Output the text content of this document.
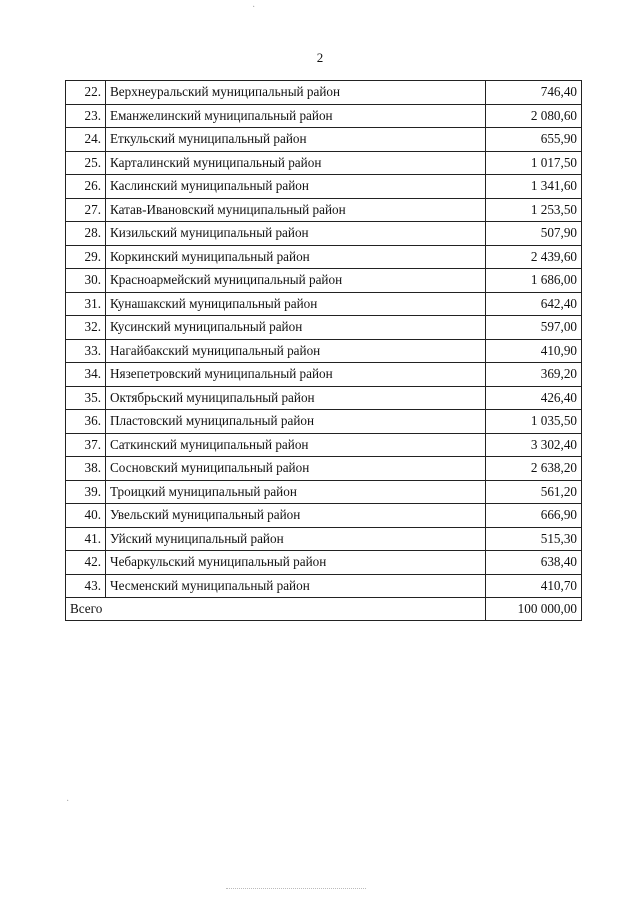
2
22.	Верхнеуральский муниципальный район	746,40
23.	Еманжелинский муниципальный район	2 080,60
24.	Еткульский муниципальный район	655,90
25.	Карталинский муниципальный район	1 017,50
26.	Каслинский муниципальный район	1 341,60
27.	Катав-Ивановский муниципальный район	1 253,50
28.	Кизильский муниципальный район	507,90
29.	Коркинский муниципальный район	2 439,60
30.	Красноармейский муниципальный район	1 686,00
31.	Кунашакский муниципальный район	642,40
32.	Кусинский муниципальный район	597,00
33.	Нагайбакский муниципальный район	410,90
34.	Нязепетровский муниципальный район	369,20
35.	Октябрьский муниципальный район	426,40
36.	Пластовский муниципальный район	1 035,50
37.	Саткинский муниципальный район	3 302,40
38.	Сосновский муниципальный район	2 638,20
39.	Троицкий муниципальный район	561,20
40.	Увельский муниципальный район	666,90
41.	Уйский муниципальный район	515,30
42.	Чебаркульский муниципальный район	638,40
43.	Чесменский муниципальный район	410,70
Всего		100 000,00
·
·
